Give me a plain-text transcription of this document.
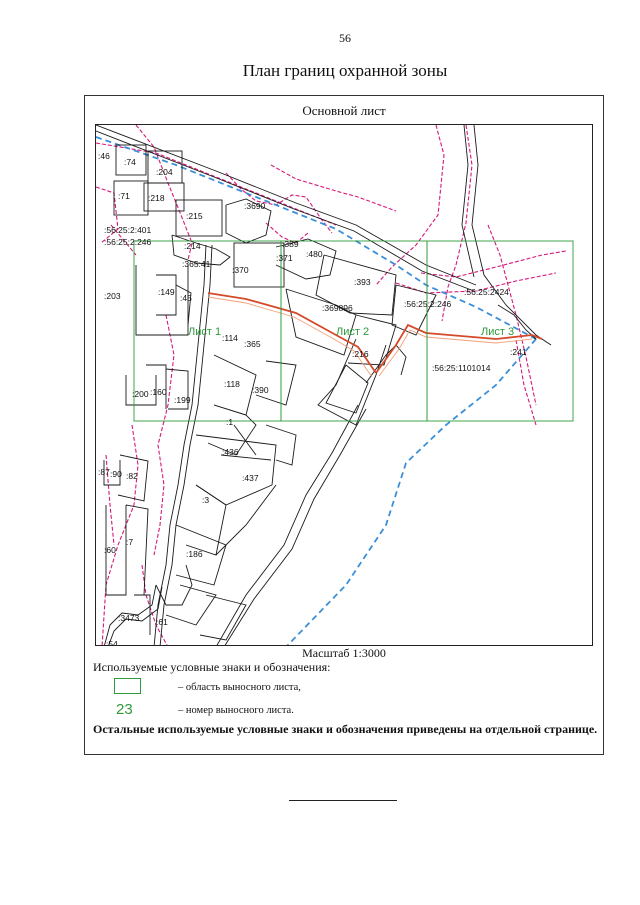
56
План границ охранной зоны
Основной лист
Лист 1	Лист 2	Лист 3
:46
:74
:204
:71 :218
:215
:3690
:389
:56:25:2:401
:56:25:2:246	:214
:365:41
:370
:371 :480
:393
:203	:149
:45
:369896	:56:25:2:246
:56:25:2424
:114
:365
:216	:241
:56:25:1101014
:118
:390
:200 :160
:199
:1
:436
:437
:87 :90 :82
:3
:60
:7
:186
:3473 :61
:54
Масштаб 1:3000
Используемые условные знаки и обозначения:
– область выносного листа,
23	– номер выносного листа.
Остальные используемые условные знаки и обозначения приведены на отдельной странице.
